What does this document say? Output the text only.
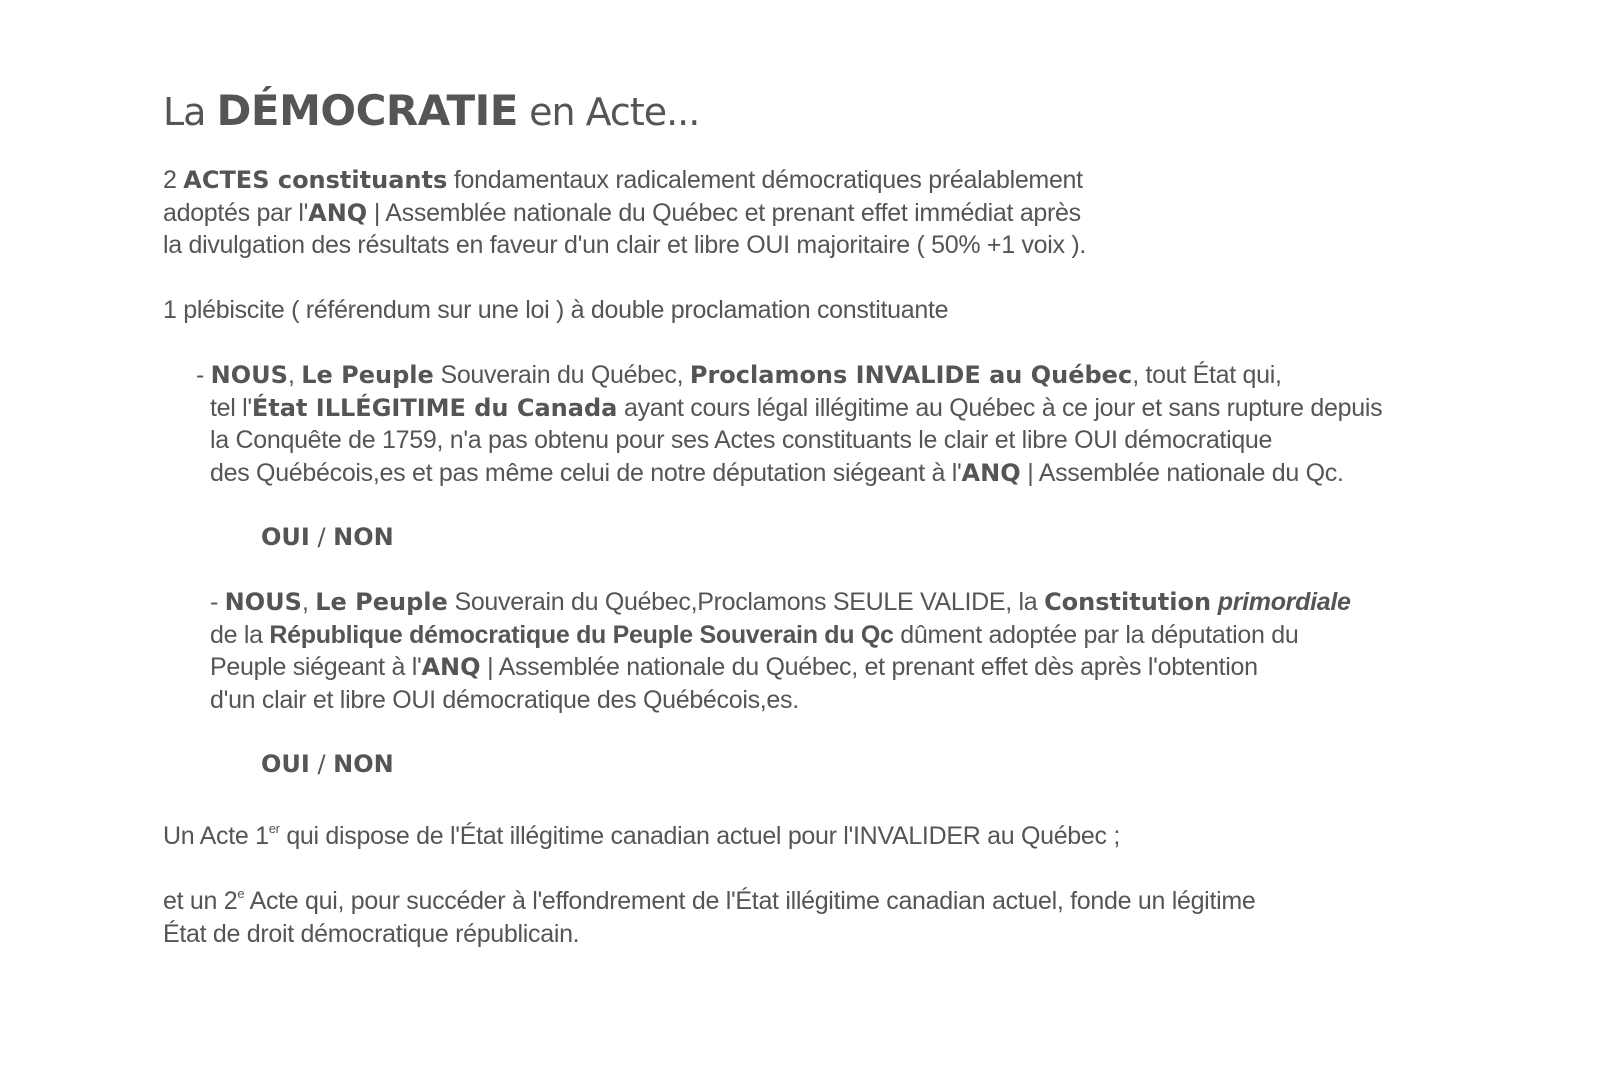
La DÉMOCRATIE en Acte...
2 ACTES constituants fondamentaux radicalement démocratiques préalablement
adoptés par l'ANQ | Assemblée nationale du Québec et prenant effet immédiat après
la divulgation des résultats en faveur d'un clair et libre OUI majoritaire ( 50% +1 voix ).
1 plébiscite ( référendum sur une loi ) à double proclamation constituante
- NOUS, Le Peuple Souverain du Québec, Proclamons INVALIDE au Québec, tout État qui,
tel l'État ILLÉGITIME du Canada ayant cours légal illégitime au Québec à ce jour et sans rupture depuis
la Conquête de 1759, n'a pas obtenu pour ses Actes constituants le clair et libre OUI démocratique
des Québécois,es et pas même celui de notre députation siégeant à l'ANQ | Assemblée nationale du Qc.
OUI / NON
- NOUS, Le Peuple Souverain du Québec,Proclamons SEULE VALIDE, la Constitution primordiale
de la République démocratique du Peuple Souverain du Qc dûment adoptée par la députation du
Peuple siégeant à l'ANQ | Assemblée nationale du Québec, et prenant effet dès après l'obtention
d'un clair et libre OUI démocratique des Québécois,es.
OUI / NON
Un Acte 1er qui dispose de l'État illégitime canadian actuel pour l'INVALIDER au Québec ;
et un 2e Acte qui, pour succéder à l'effondrement de l'État illégitime canadian actuel, fonde un légitime
État de droit démocratique républicain.
